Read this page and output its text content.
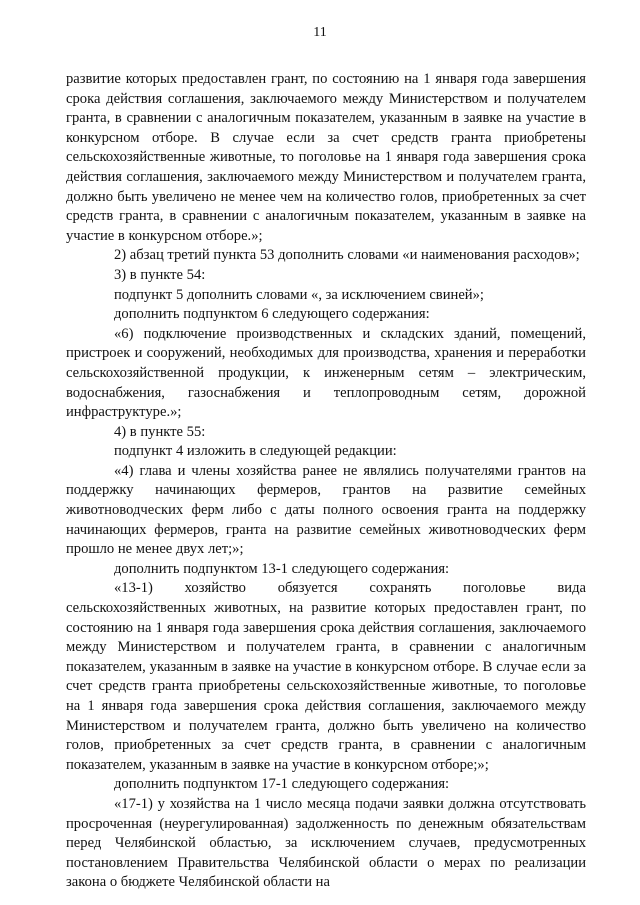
11

развитие которых предоставлен грант, по состоянию на 1 января года завершения срока действия соглашения, заключаемого между Министерством и получателем гранта, в сравнении с аналогичным показателем, указанным в заявке на участие в конкурсном отборе. В случае если за счет средств гранта приобретены сельскохозяйственные животные, то поголовье на 1 января года завершения срока действия соглашения, заключаемого между Министерством и получателем гранта, должно быть увеличено не менее чем на количество голов, приобретенных за счет средств гранта, в сравнении с аналогичным показателем, указанным в заявке на участие в конкурсном отборе.»;

2) абзац третий пункта 53 дополнить словами «и наименования расходов»;

3) в пункте 54:

подпункт 5 дополнить словами «, за исключением свиней»;

дополнить подпунктом 6 следующего содержания:

«6) подключение производственных и складских зданий, помещений, пристроек и сооружений, необходимых для производства, хранения и переработки сельскохозяйственной продукции, к инженерным сетям – электрическим, водоснабжения, газоснабжения и теплопроводным сетям, дорожной инфраструктуре.»;

4) в пункте 55:

подпункт 4 изложить в следующей редакции:

«4) глава и члены хозяйства ранее не являлись получателями грантов на поддержку начинающих фермеров, грантов на развитие семейных животноводческих ферм либо с даты полного освоения гранта на поддержку начинающих фермеров, гранта на развитие семейных животноводческих ферм прошло не менее двух лет;»;

дополнить подпунктом 13-1 следующего содержания:

«13-1) хозяйство обязуется сохранять поголовье вида сельскохозяйственных животных, на развитие которых предоставлен грант, по состоянию на 1 января года завершения срока действия соглашения, заключаемого между Министерством и получателем гранта, в сравнении с аналогичным показателем, указанным в заявке на участие в конкурсном отборе. В случае если за счет средств гранта приобретены сельскохозяйственные животные, то поголовье на 1 января года завершения срока действия соглашения, заключаемого между Министерством и получателем гранта, должно быть увеличено на количество голов, приобретенных за счет средств гранта, в сравнении с аналогичным показателем, указанным в заявке на участие в конкурсном отборе;»;

дополнить подпунктом 17-1 следующего содержания:

«17-1) у хозяйства на 1 число месяца подачи заявки должна отсутствовать просроченная (неурегулированная) задолженность по денежным обязательствам перед Челябинской областью, за исключением случаев, предусмотренных постановлением Правительства Челябинской области о мерах по реализации закона о бюджете Челябинской области на
